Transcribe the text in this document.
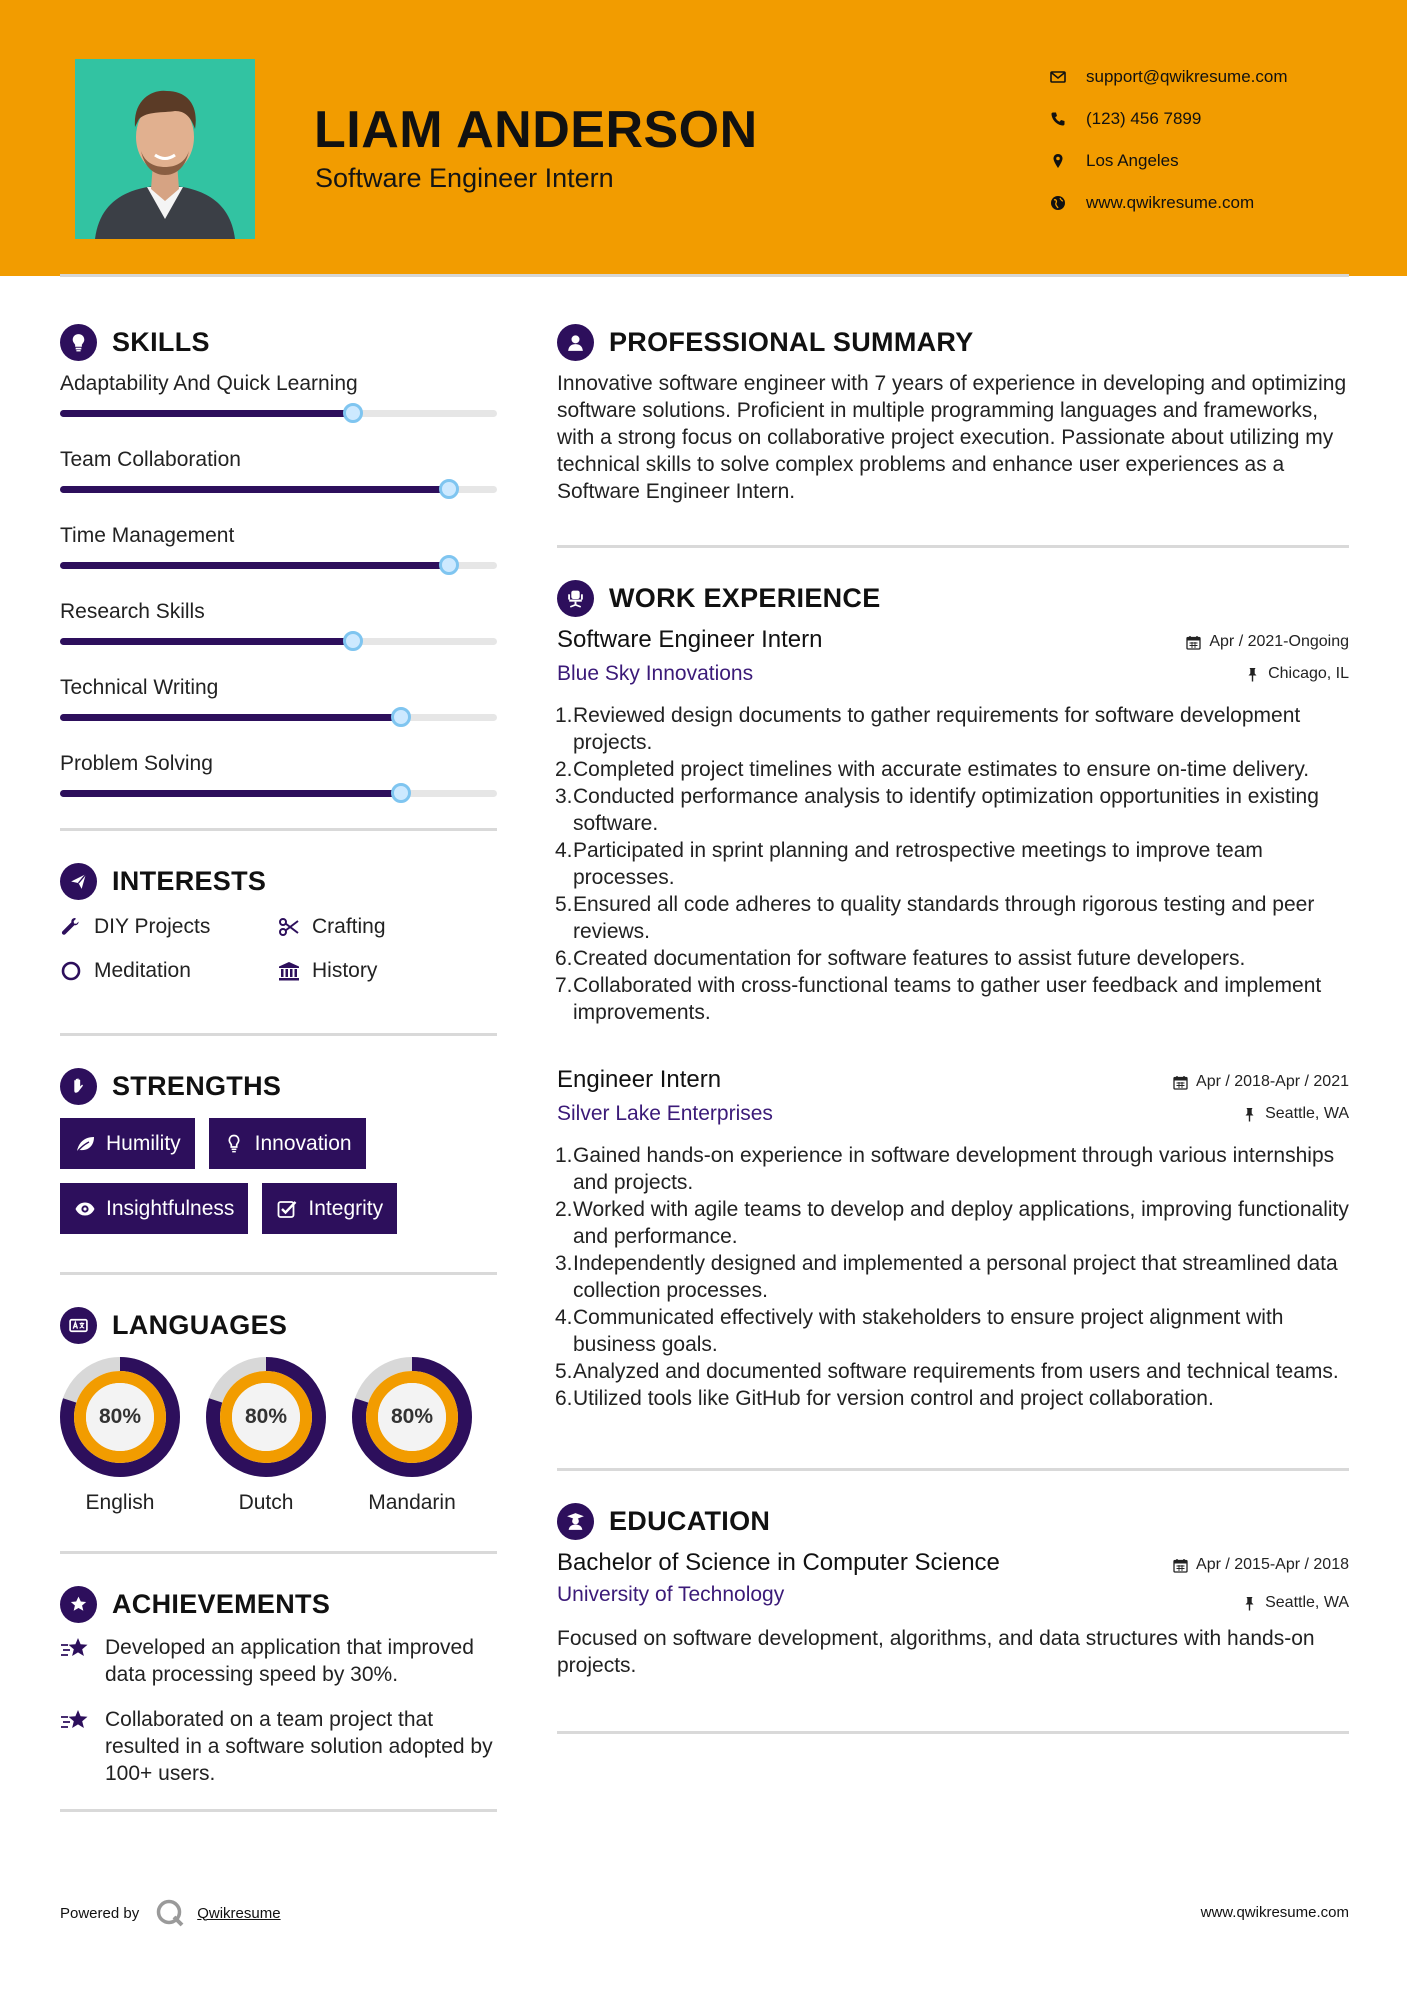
LIAM ANDERSON
Software Engineer Intern
support@qwikresume.com
(123) 456 7899
Los Angeles
www.qwikresume.com
SKILLS
Adaptability And Quick Learning
Team Collaboration
Time Management
Research Skills
Technical Writing
Problem Solving
INTERESTS
DIY Projects	Crafting
Meditation	History
STRENGTHS
Humility	Innovation
Insightfulness	Integrity
LANGUAGES
80%
English
80%
Dutch
80%
Mandarin
ACHIEVEMENTS
Developed an application that improved data processing speed by 30%.
Collaborated on a team project that resulted in a software solution adopted by 100+ users.
PROFESSIONAL SUMMARY

Innovative software engineer with 7 years of experience in developing and optimizing software solutions. Proficient in multiple programming languages and frameworks, with a strong focus on collaborative project execution. Passionate about utilizing my technical skills to solve complex problems and enhance user experiences as a Software Engineer Intern.

WORK EXPERIENCE
Software Engineer Intern
Blue Sky Innovations
Apr / 2021-Ongoing
Chicago, IL
1. Reviewed design documents to gather requirements for software development projects.
2. Completed project timelines with accurate estimates to ensure on-time delivery.
3. Conducted performance analysis to identify optimization opportunities in existing software.
4. Participated in sprint planning and retrospective meetings to improve team processes.
5. Ensured all code adheres to quality standards through rigorous testing and peer reviews.
6. Created documentation for software features to assist future developers.
7. Collaborated with cross-functional teams to gather user feedback and implement improvements.
Engineer Intern
Silver Lake Enterprises
Apr / 2018-Apr / 2021
Seattle, WA
1. Gained hands-on experience in software development through various internships and projects.
2. Worked with agile teams to develop and deploy applications, improving functionality and performance.
3. Independently designed and implemented a personal project that streamlined data collection processes.
4. Communicated effectively with stakeholders to ensure project alignment with business goals.
5. Analyzed and documented software requirements from users and technical teams.
6. Utilized tools like GitHub for version control and project collaboration.
EDUCATION
Bachelor of Science in Computer Science
University of Technology
Apr / 2015-Apr / 2018
Seattle, WA

Focused on software development, algorithms, and data structures with hands-on projects.

Powered by	Qwikresume	www.qwikresume.com
